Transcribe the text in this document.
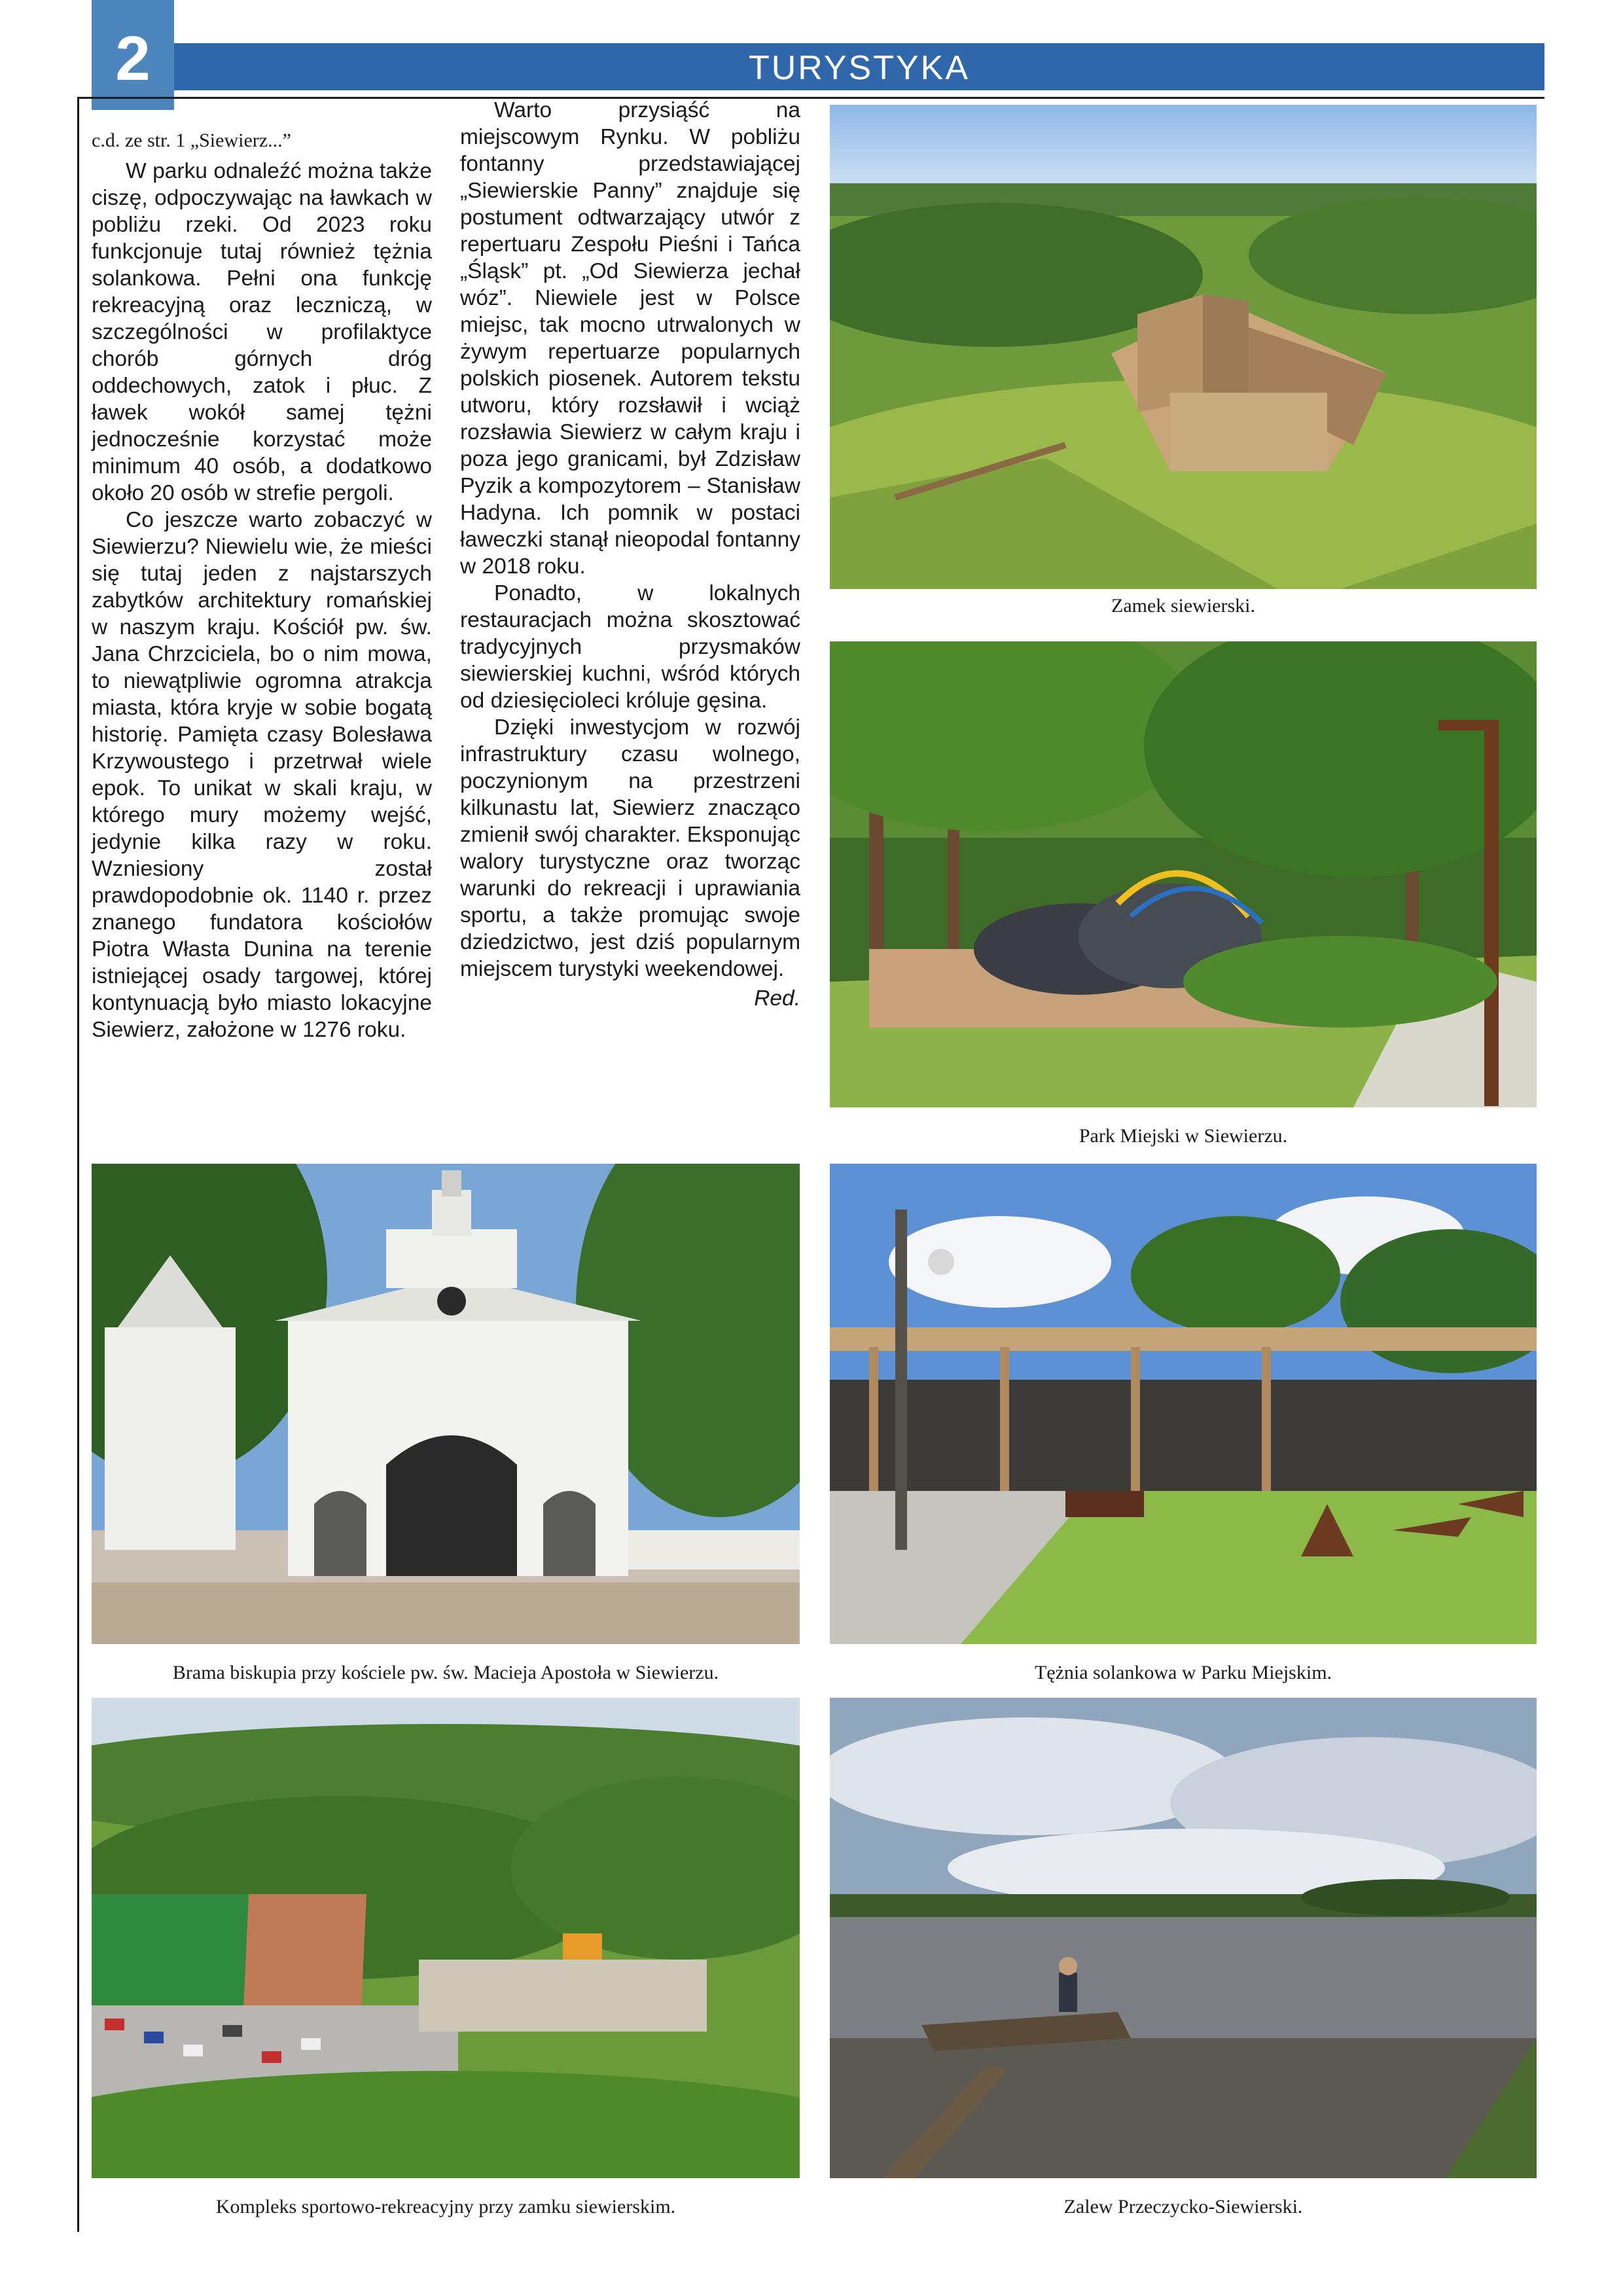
2	TURYSTYKA

c.d. ze str. 1 „Siewierz...”

W parku odnaleźć można także ciszę, odpoczywając na ławkach w pobliżu rzeki. Od 2023 roku funkcjonuje tutaj również tężnia solankowa. Pełni ona funkcję rekreacyjną oraz leczniczą, w szczególności w profilaktyce chorób górnych dróg oddechowych, zatok i płuc. Z ławek wokół samej tężni jednocześnie korzystać może minimum 40 osób, a dodatkowo około 20 osób w strefie pergoli.

Co jeszcze warto zobaczyć w Siewierzu? Niewielu wie, że mieści się tutaj jeden z najstarszych zabytków architektury romańskiej w naszym kraju. Kościół pw. św. Jana Chrzciciela, bo o nim mowa, to niewątpliwie ogromna atrakcja miasta, która kryje w sobie bogatą historię. Pamięta czasy Bolesława Krzywoustego i przetrwał wiele epok. To unikat w skali kraju, w którego mury możemy wejść, jedynie kilka razy w roku. Wzniesiony został prawdopodobnie ok. 1140 r. przez znanego fundatora kościołów Piotra Własta Dunina na terenie istniejącej osady targowej, której kontynuacją było miasto lokacyjne Siewierz, założone w 1276 roku.

Warto przysiąść na miejscowym Rynku. W pobliżu fontanny przedstawiającej „Siewierskie Panny” znajduje się postument odtwarzający utwór z repertuaru Zespołu Pieśni i Tańca „Śląsk” pt. „Od Siewierza jechał wóz”. Niewiele jest w Polsce miejsc, tak mocno utrwalonych w żywym repertuarze popularnych polskich piosenek. Autorem tekstu utworu, który rozsławił i wciąż rozsławia Siewierz w całym kraju i poza jego granicami, był Zdzisław Pyzik a kompozytorem – Stanisław Hadyna. Ich pomnik w postaci ławeczki stanął nieopodal fontanny w 2018 roku.

Ponadto, w lokalnych restauracjach można skosztować tradycyjnych przysmaków siewierskiej kuchni, wśród których od dziesięcioleci króluje gęsina.

Dzięki inwestycjom w rozwój infrastruktury czasu wolnego, poczynionym na przestrzeni kilkunastu lat, Siewierz znacząco zmienił swój charakter. Eksponując walory turystyczne oraz tworząc warunki do rekreacji i uprawiania sportu, a także promując swoje dziedzictwo, jest dziś popularnym miejscem turystyki weekendowej.

Red.

Zamek siewierski.
Park Miejski w Siewierzu.
Brama biskupia przy kościele pw. św. Macieja Apostoła w Siewierzu.	Tężnia solankowa w Parku Miejskim.
Kompleks sportowo-rekreacyjny przy zamku siewierskim.	Zalew Przeczycko-Siewierski.
